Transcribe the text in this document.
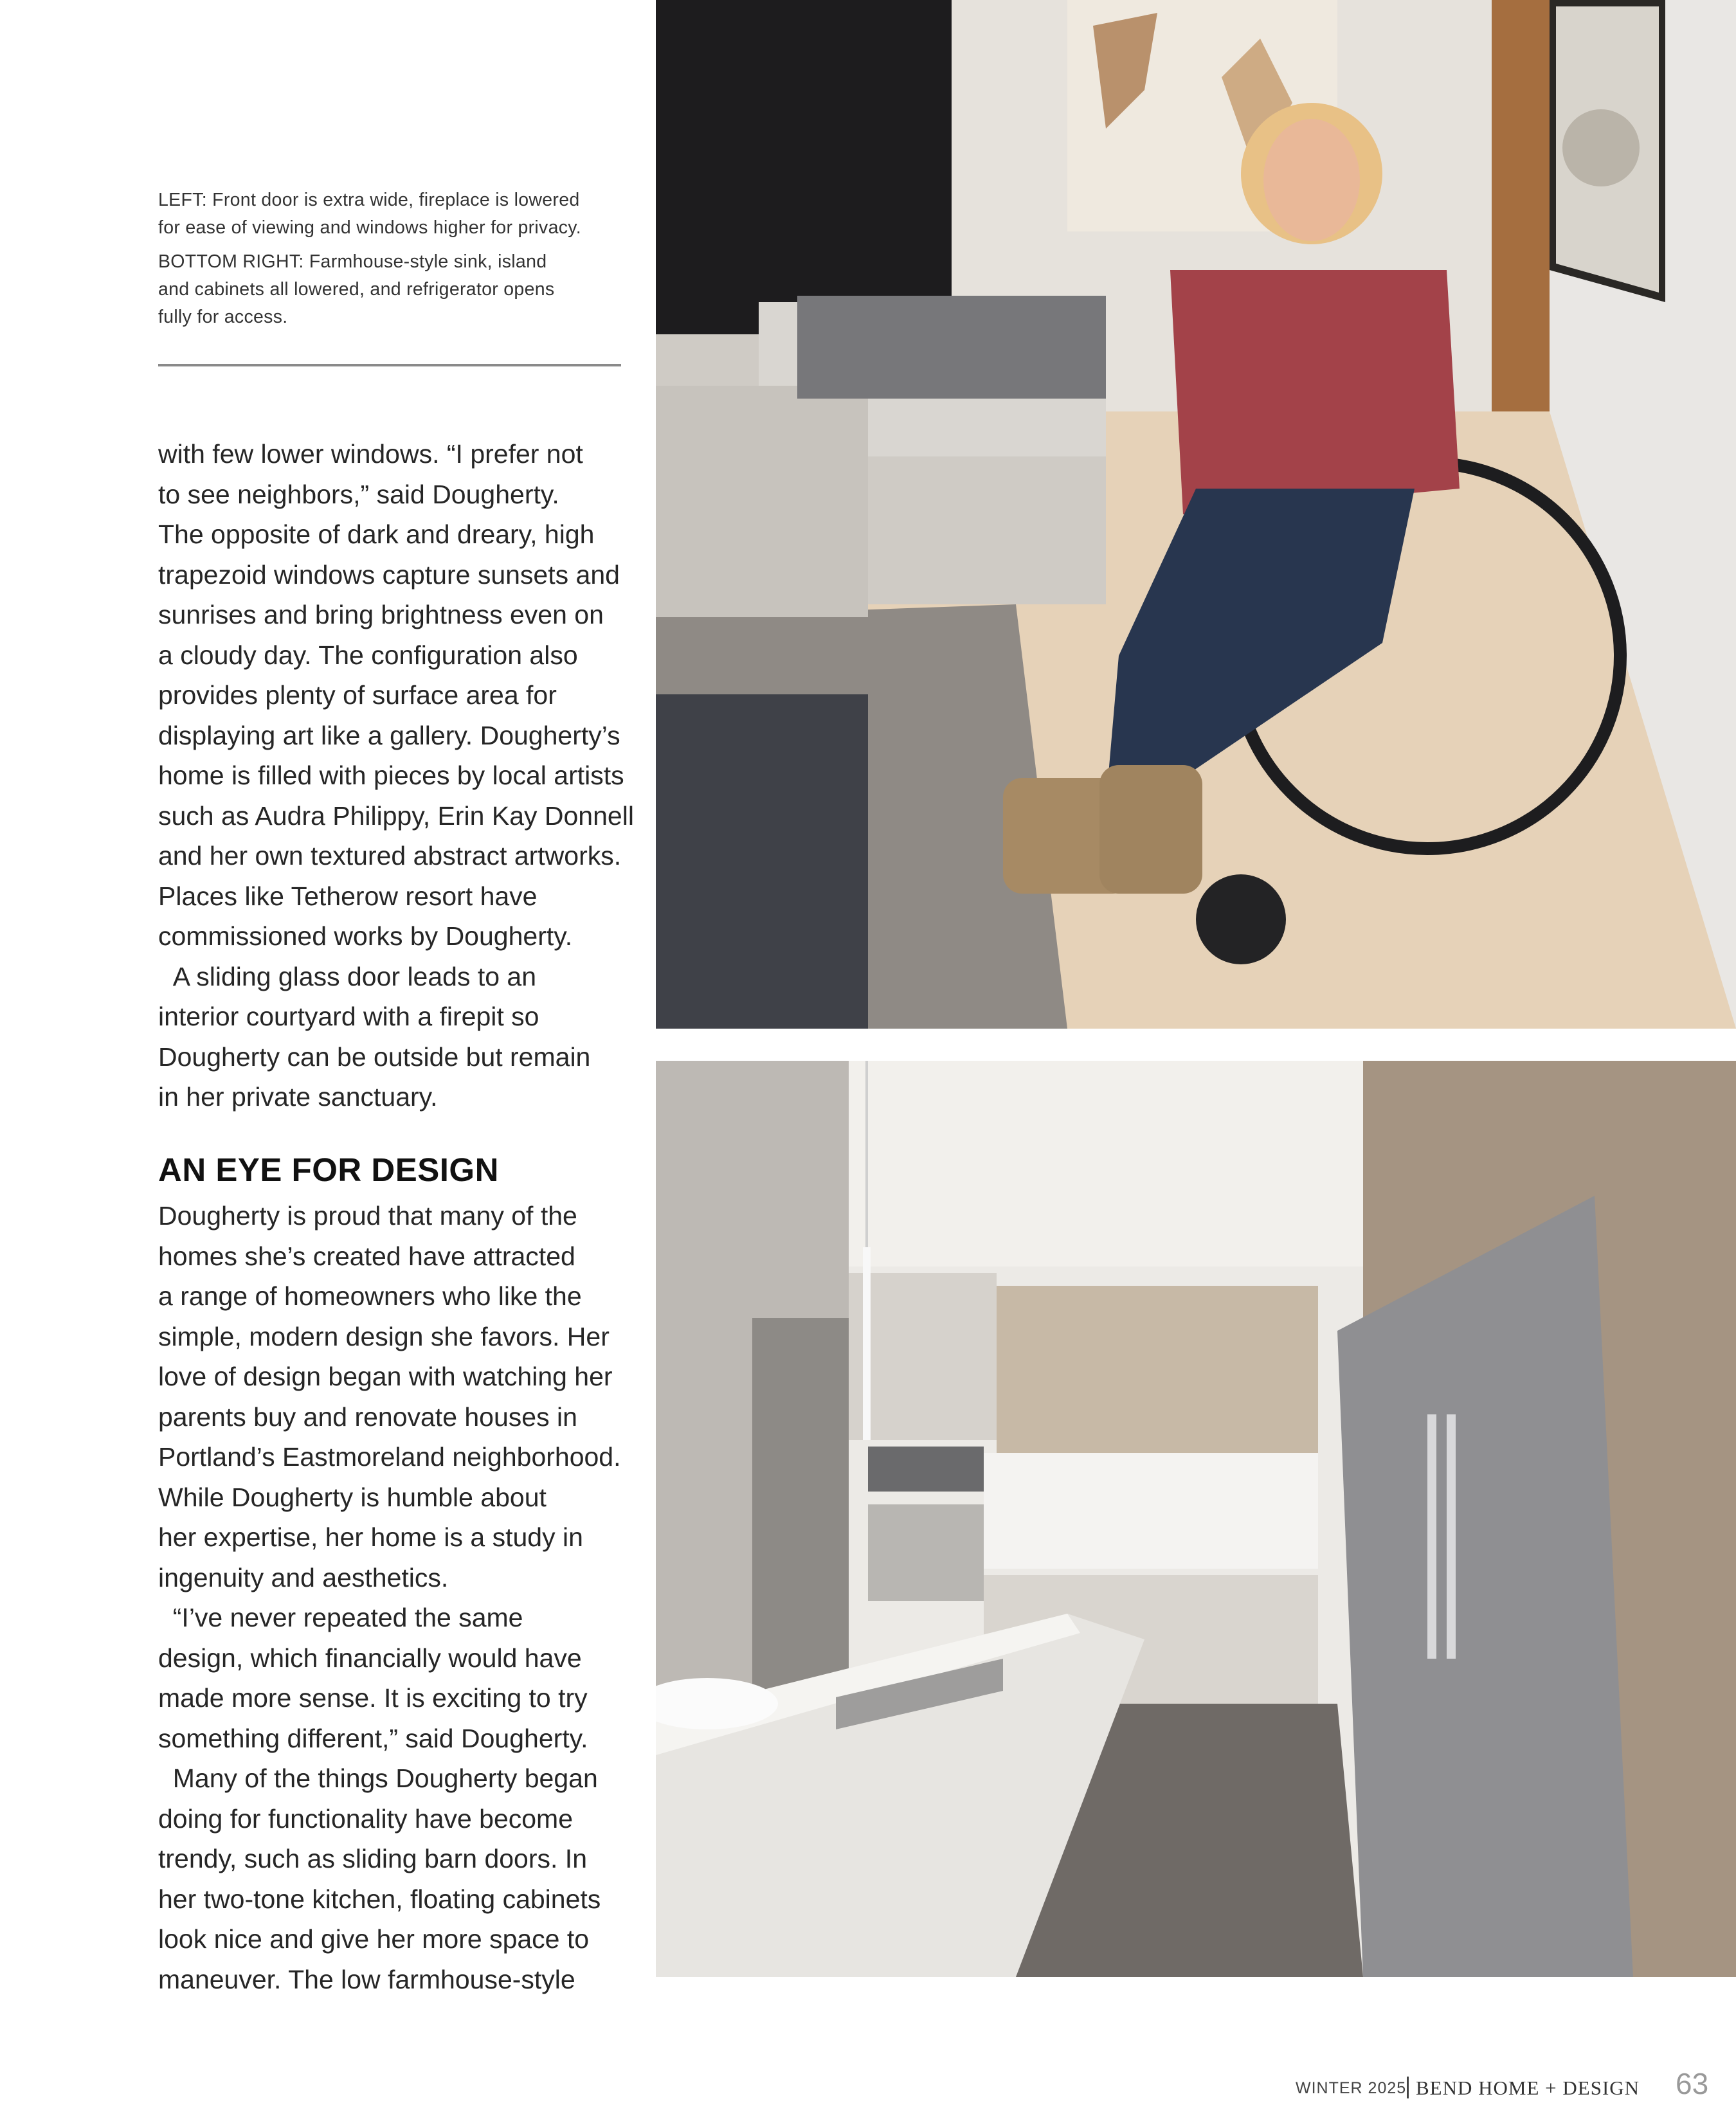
LEFT: Front door is extra wide, fireplace is lowered
for ease of viewing and windows higher for privacy.

BOTTOM RIGHT: Farmhouse-style sink, island
and cabinets all lowered, and refrigerator opens
fully for access.

with few lower windows. “I prefer not
to see neighbors,” said Dougherty.
The opposite of dark and dreary, high
trapezoid windows capture sunsets and
sunrises and bring brightness even on
a cloudy day. The configuration also
provides plenty of surface area for
displaying art like a gallery. Dougherty’s
home is filled with pieces by local artists
such as Audra Philippy, Erin Kay Donnell
and her own textured abstract artworks.
Places like Tetherow resort have
commissioned works by Dougherty.
A sliding glass door leads to an
interior courtyard with a firepit so
Dougherty can be outside but remain
in her private sanctuary.
AN EYE FOR DESIGN
Dougherty is proud that many of the
homes she’s created have attracted
a range of homeowners who like the
simple, modern design she favors. Her
love of design began with watching her
parents buy and renovate houses in
Portland’s Eastmoreland neighborhood.
While Dougherty is humble about
her expertise, her home is a study in
ingenuity and aesthetics.
“I’ve never repeated the same
design, which financially would have
made more sense. It is exciting to try
something different,” said Dougherty.
Many of the things Dougherty began
doing for functionality have become
trendy, such as sliding barn doors. In
her two-tone kitchen, floating cabinets
look nice and give her more space to
maneuver. The low farmhouse-style
WINTER 2025 BEND HOME + DESIGN 63
